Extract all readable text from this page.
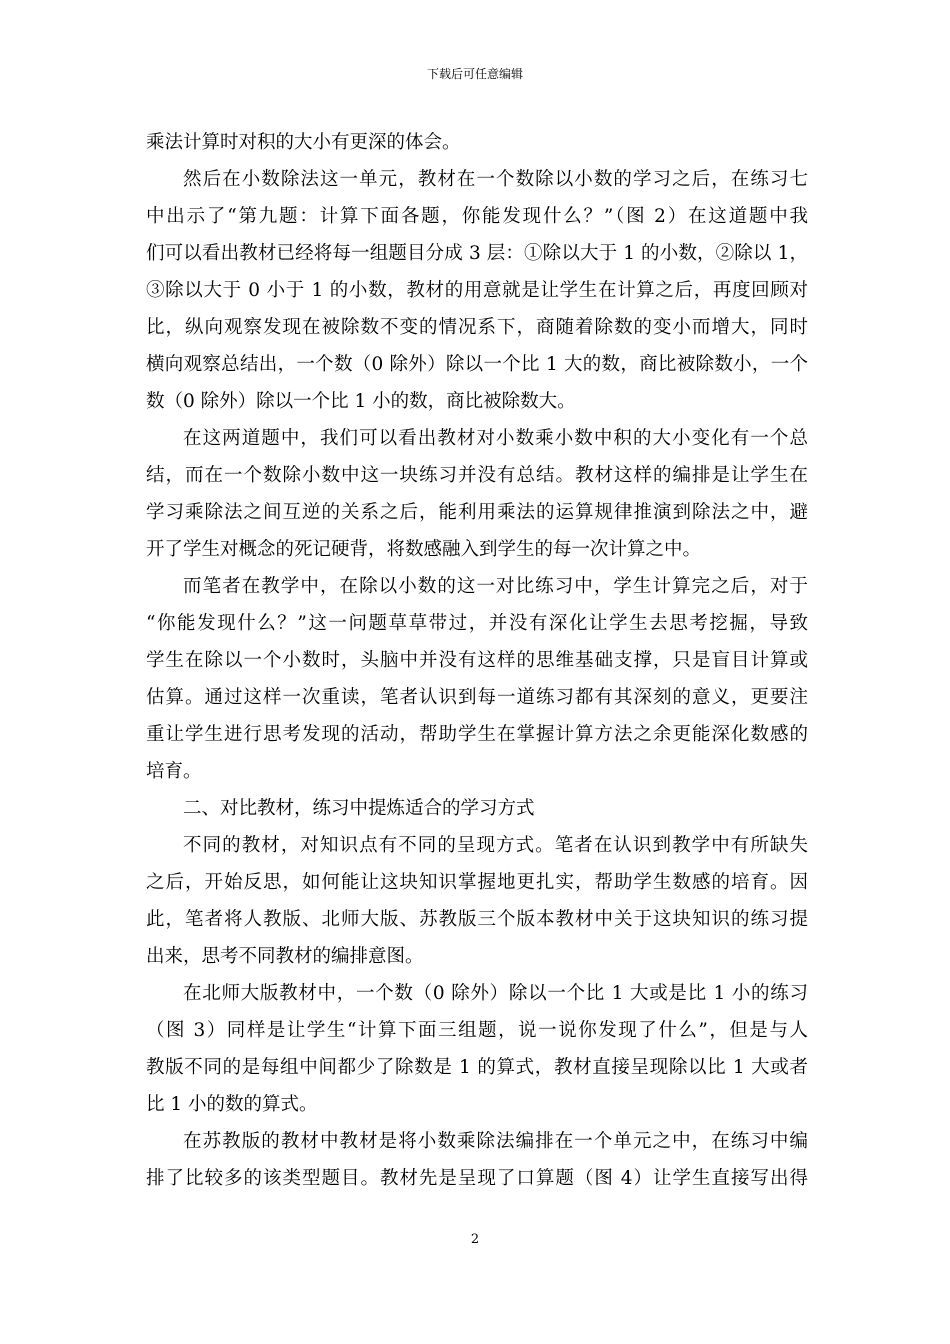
下载后可任意编辑
乘法计算时对积的大小有更深的体会。
然后在小数除法这一单元，教材在一个数除以小数的学习之后，在练习七
中出示了“第九题：计算下面各题，你能发现什么？”（图 2）在这道题中我
们可以看出教材已经将每一组题目分成 3 层：①除以大于 1 的小数，②除以 1，
③除以大于 0 小于 1 的小数，教材的用意就是让学生在计算之后，再度回顾对
比，纵向观察发现在被除数不变的情况系下，商随着除数的变小而增大，同时
横向观察总结出，一个数（0 除外）除以一个比 1 大的数，商比被除数小，一个
数（0 除外）除以一个比 1 小的数，商比被除数大。
在这两道题中，我们可以看出教材对小数乘小数中积的大小变化有一个总
结，而在一个数除小数中这一块练习并没有总结。教材这样的编排是让学生在
学习乘除法之间互逆的关系之后，能利用乘法的运算规律推演到除法之中，避
开了学生对概念的死记硬背，将数感融入到学生的每一次计算之中。
而笔者在教学中，在除以小数的这一对比练习中，学生计算完之后，对于
“你能发现什么？”这一问题草草带过，并没有深化让学生去思考挖掘，导致
学生在除以一个小数时，头脑中并没有这样的思维基础支撑，只是盲目计算或
估算。通过这样一次重读，笔者认识到每一道练习都有其深刻的意义，更要注
重让学生进行思考发现的活动，帮助学生在掌握计算方法之余更能深化数感的
培育。
二、对比教材，练习中提炼适合的学习方式
不同的教材，对知识点有不同的呈现方式。笔者在认识到教学中有所缺失
之后，开始反思，如何能让这块知识掌握地更扎实，帮助学生数感的培育。因
此，笔者将人教版、北师大版、苏教版三个版本教材中关于这块知识的练习提
出来，思考不同教材的编排意图。
在北师大版教材中，一个数（0 除外）除以一个比 1 大或是比 1 小的练习
（图 3）同样是让学生“计算下面三组题，说一说你发现了什么”，但是与人
教版不同的是每组中间都少了除数是 1 的算式，教材直接呈现除以比 1 大或者
比 1 小的数的算式。
在苏教版的教材中教材是将小数乘除法编排在一个单元之中，在练习中编
排了比较多的该类型题目。教材先是呈现了口算题（图 4）让学生直接写出得
2
